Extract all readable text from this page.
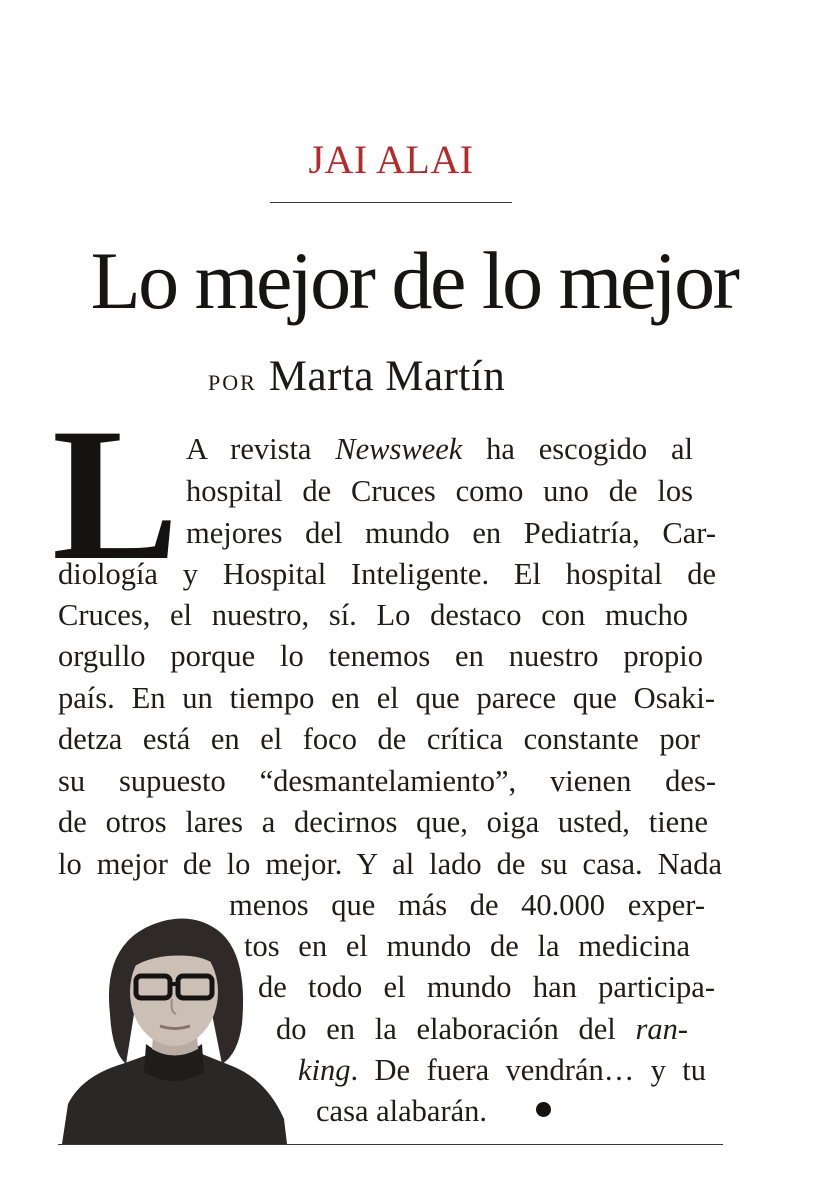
JAI ALAI
Lo mejor de lo mejor
POR Marta Martín
L A revista Newsweek ha escogido al
hospital de Cruces como uno de los
mejores del mundo en Pediatría, Car-
diología y Hospital Inteligente. El hospital de
Cruces, el nuestro, sí. Lo destaco con mucho
orgullo porque lo tenemos en nuestro propio
país. En un tiempo en el que parece que Osaki-
detza está en el foco de crítica constante por
su supuesto “desmantelamiento”, vienen des-
de otros lares a decirnos que, oiga usted, tiene
lo mejor de lo mejor. Y al lado de su casa. Nada
menos que más de 40.000 exper-
tos en el mundo de la medicina
de todo el mundo han participa-
do en la elaboración del ran-
king. De fuera vendrán… y tu
casa alabarán.
